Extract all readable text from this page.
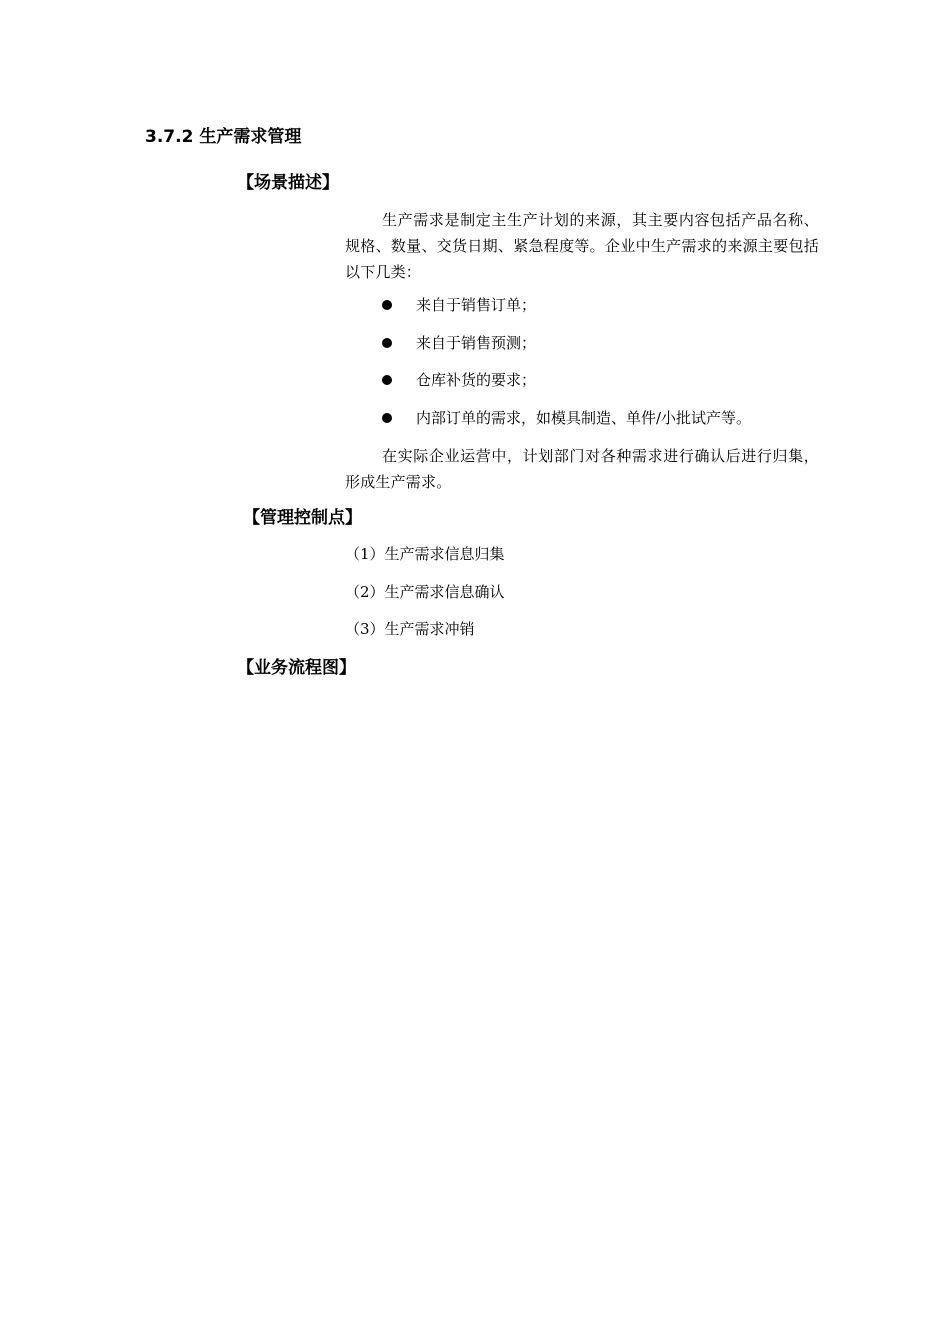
3.7.2 生产需求管理
【场景描述】

生产需求是制定主生产计划的来源，其主要内容包括产品名称、规格、数量、交货日期、紧急程度等。企业中生产需求的来源主要包括以下几类：

来自于销售订单；
来自于销售预测；
仓库补货的要求；
内部订单的需求，如模具制造、单件/小批试产等。

在实际企业运营中，计划部门对各种需求进行确认后进行归集，形成生产需求。

【管理控制点】
（1）生产需求信息归集
（2）生产需求信息确认
（3）生产需求冲销
【业务流程图】
